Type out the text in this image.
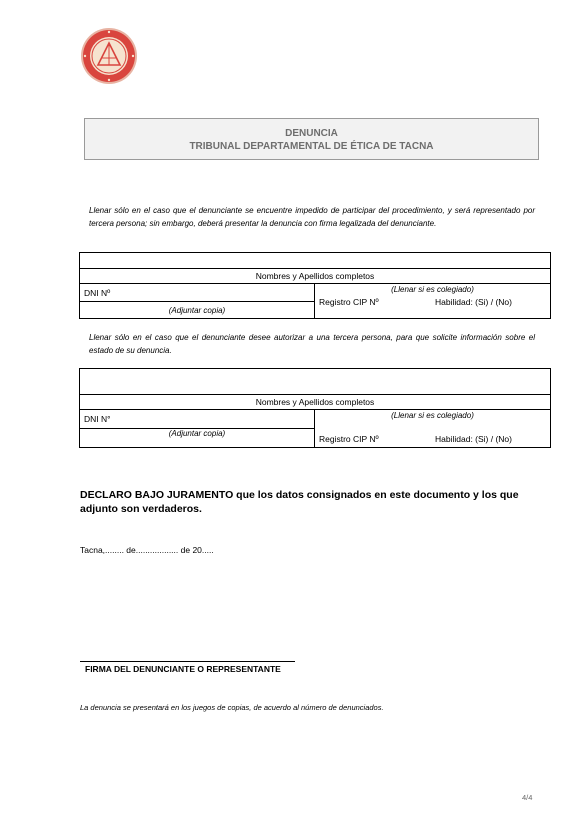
DENUNCIA
TRIBUNAL DEPARTAMENTAL DE ÉTICA DE TACNA
Llenar sólo en el caso que el denunciante se encuentre impedido de participar del procedimiento, y será representado por tercera persona; sin embargo, deberá presentar la denuncia con firma legalizada del denunciante.

Nombres y Apellidos completos
DNI Nº	(Llenar si es colegiado)
Registro CIP Nº	Habilidad: (Si) / (No)

(Adjuntar copia)
Llenar sólo en el caso que el denunciante desee autorizar a una tercera persona, para que solicite información sobre el estado de su denuncia.

Nombres y Apellidos completos
DNI N°	(Llenar si es colegiado)
Registro CIP Nº	Habilidad: (Si) / (No)

(Adjuntar copia)
DECLARO BAJO JURAMENTO que los datos consignados en este documento y los que adjunto son verdaderos.
Tacna,........ de.................. de 20.....
FIRMA DEL DENUNCIANTE O REPRESENTANTE
La denuncia se presentará en los juegos de copias, de acuerdo al número de denunciados.
4/4
